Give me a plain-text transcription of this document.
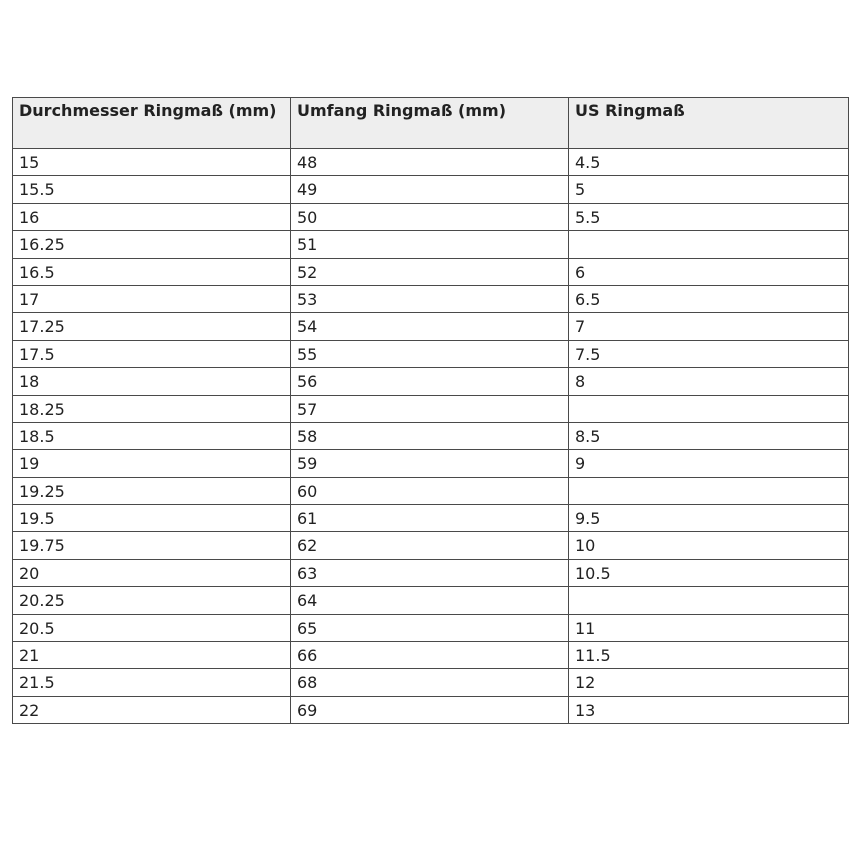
Durchmesser Ringmaß (mm)	Umfang Ringmaß (mm)	US Ringmaß
15	48	4.5
15.5	49	5
16	50	5.5
16.25	51	
16.5	52	6
17	53	6.5
17.25	54	7
17.5	55	7.5
18	56	8
18.25	57	
18.5	58	8.5
19	59	9
19.25	60	
19.5	61	9.5
19.75	62	10
20	63	10.5
20.25	64	
20.5	65	11
21	66	11.5
21.5	68	12
22	69	13
